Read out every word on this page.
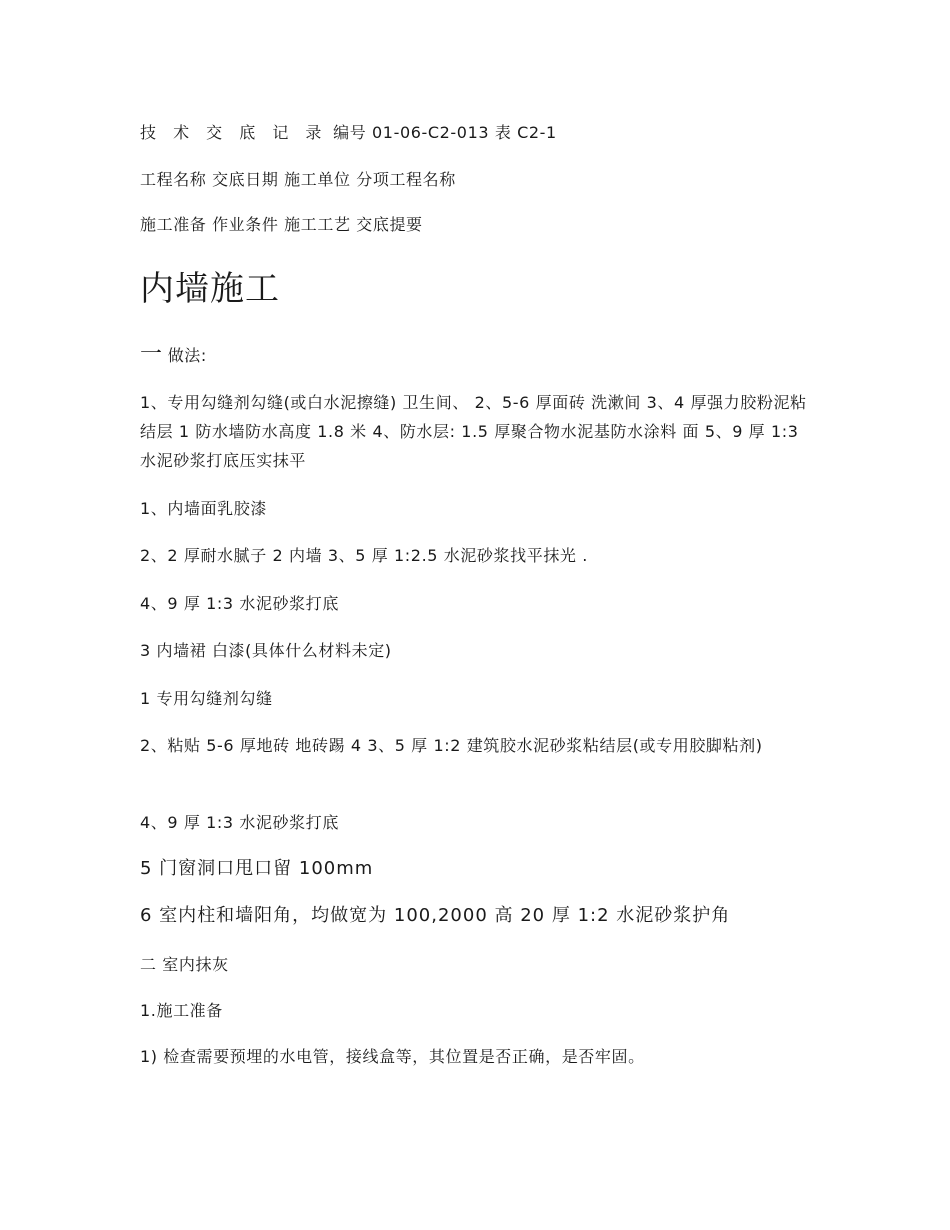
技 术 交 底 记 录 编号 01-06-C2-013 表 C2-1

工程名称 交底日期 施工单位 分项工程名称

施工准备 作业条件 施工工艺 交底提要

内墙施工

一 做法:

1、专用勾缝剂勾缝(或白水泥擦缝) 卫生间、 2、5-6 厚面砖 洗漱间 3、4 厚强力胶粉泥粘结层 1 防水墙防水高度 1.8 米 4、防水层: 1.5 厚聚合物水泥基防水涂料 面 5、9 厚 1:3 水泥砂浆打底压实抹平

1、内墙面乳胶漆

2、2 厚耐水腻子 2 内墙 3、5 厚 1:2.5 水泥砂浆找平抹光 .

4、9 厚 1:3 水泥砂浆打底

3 内墙裙 白漆(具体什么材料未定)

1 专用勾缝剂勾缝

2、粘贴 5-6 厚地砖 地砖踢 4 3、5 厚 1:2 建筑胶水泥砂浆粘结层(或专用胶脚粘剂)

4、9 厚 1:3 水泥砂浆打底

5 门窗洞口甩口留 100mm

6 室内柱和墙阳角，均做宽为 100,2000 高 20 厚 1:2 水泥砂浆护角

二 室内抹灰

1.施工准备

1) 检查需要预埋的水电管，接线盒等，其位置是否正确，是否牢固。
